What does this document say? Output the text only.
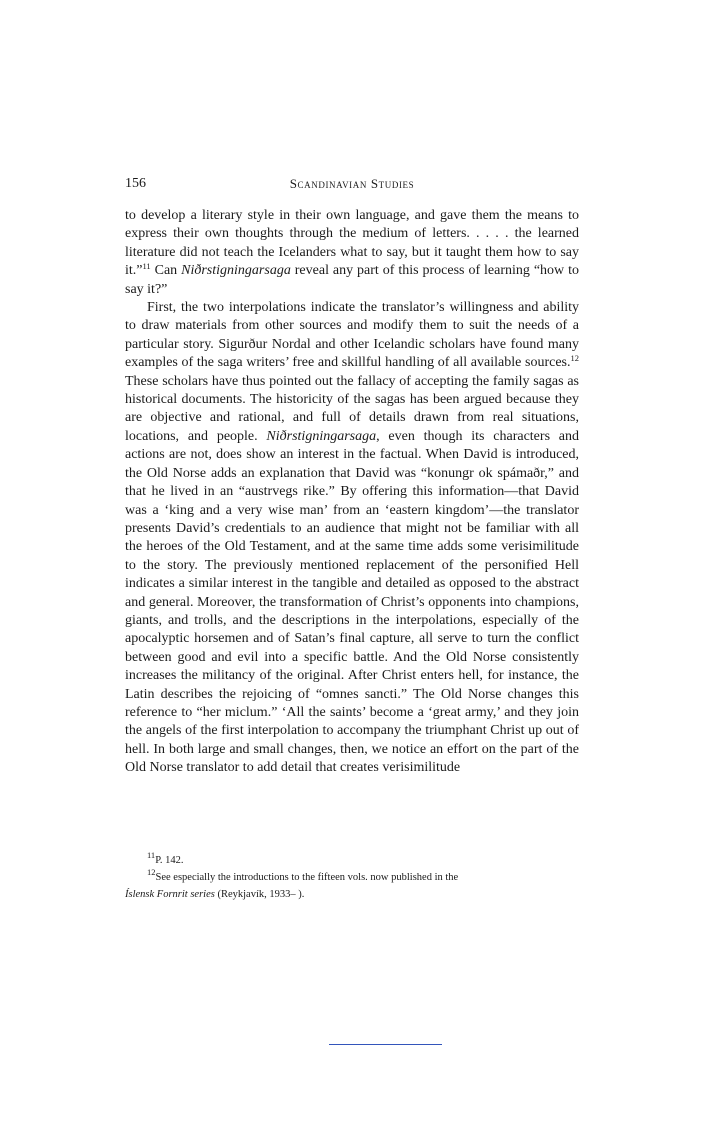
156	Scandinavian Studies

to develop a literary style in their own language, and gave them the means to express their own thoughts through the medium of letters. . . . . the learned literature did not teach the Icelanders what to say, but it taught them how to say it.”$^{11}$ Can Niðrstigningarsaga reveal any part of this process of learning “how to say it?”

First, the two interpolations indicate the translator’s willingness and ability to draw materials from other sources and modify them to suit the needs of a particular story. Sigurður Nordal and other Icelandic scholars have found many examples of the saga writers’ free and skillful handling of all available sources.$^{12}$ These scholars have thus pointed out the fallacy of accepting the family sagas as historical documents. The historicity of the sagas has been argued because they are objective and rational, and full of details drawn from real situations, locations, and people. Niðrstigningarsaga, even though its characters and actions are not, does show an interest in the factual. When David is introduced, the Old Norse adds an explanation that David was “konungr ok spámaðr,” and that he lived in an “austrvegs rike.” By offering this information—that David was a ‘king and a very wise man’ from an ‘eastern kingdom’—the translator presents David’s credentials to an audience that might not be familiar with all the heroes of the Old Testament, and at the same time adds some verisimilitude to the story. The previously mentioned replacement of the personified Hell indicates a similar interest in the tangible and detailed as opposed to the abstract and general. Moreover, the transformation of Christ’s opponents into champions, giants, and trolls, and the descriptions in the interpolations, especially of the apocalyptic horsemen and of Satan’s final capture, all serve to turn the conflict between good and evil into a specific battle. And the Old Norse consistently increases the militancy of the original. After Christ enters hell, for instance, the Latin describes the rejoicing of “omnes sancti.” The Old Norse changes this reference to “her miclum.” ‘All the saints’ become a ‘great army,’ and they join the angels of the first interpolation to accompany the triumphant Christ up out of hell. In both large and small changes, then, we notice an effort on the part of the Old Norse translator to add detail that creates verisimilitude

$^{11}$P. 142.

$^{12}$See especially the introductions to the fifteen vols. now published in the

Íslensk Fornrit series (Reykjavík, 1933– ).
